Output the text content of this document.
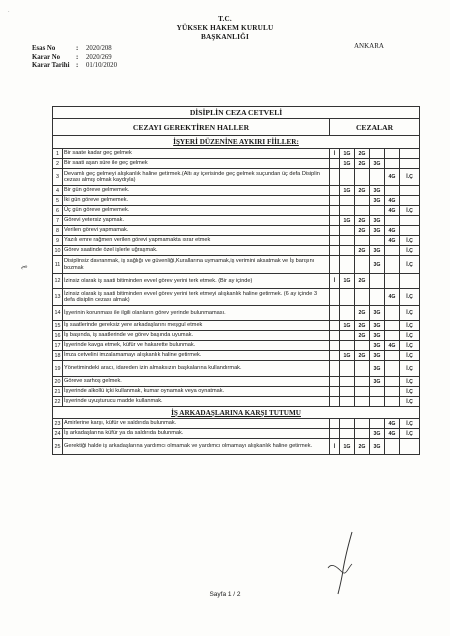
T.C.
YÜKSEK HAKEM KURULU
BAŞKANLIĞI
ANKARA
Esas No	:	2020/208
Karar No	:	2020/269
Karar Tarihi :	01/10/2020
DİSİPLİN CEZA CETVELİ							
CEZAYI GEREKTİREN HALLER		CEZALAR					
İŞYERİ DÜZENİNE AYKIRI FİİLLER:							
1	Bir saate kadar geç gelmek	İ	1G	2G			
2	Bir saati aşan süre ile geç gelmek		1G	2G	3G		
3	Devamlı geç gelmeyi alışkanlık haline getirmek.(Altı ay içerisinde geç gelmek suçundan üç defa Disiplin cezası almış olmak kaydıyla)					4G	İ.Ç
4	Bir gün göreve gelmemek.		1G	2G	3G		
5	İki gün göreve gelmemek.				3G	4G	
6	Üç gün göreve gelmemek.					4G	İ.Ç
7	Görevi yetersiz yapmak.		1G	2G	3G		
8	Verilen görevi yapmamak.			2G	3G	4G	
9	Yazılı emre rağmen verilen görevi yapmamakta ısrar etmek					4G	İ.Ç
10	Görev saatinde özel işlerle uğraşmak.			2G	3G		İ.Ç
11	Disiplinsiz davranmak, iş sağlığı ve güvenliği,Kurallarına uymamak,iş verimini aksatmak ve İş barışını bozmak				3G		İ.Ç
12	İzinsiz olarak iş saati bitiminden evvel görev yerini terk etmek. (Bir ay içinde)	İ	1G	2G			
13	İzinsiz olarak iş saati bitiminden evvel görev yerini terk etmeyi alışkanlık haline getirmek. (6 ay içinde 3 defa disiplin cezası almak)					4G	İ.Ç
14	İşyerinin korunması ile ilgili olanların görev yerinde bulunmaması.			2G	3G		İ.Ç
15	İş saatlerinde gereksiz yere arkadaşlarını meşgul etmek		1G	2G	3G		İ.Ç
16	İş başında, iş saatlerinde ve görev başında uyumak.			2G	3G		İ.Ç
17	İşyerinde kavga etmek, küfür ve hakarette bulunmak.				3G	4G	İ.Ç
18	İmza cetvelini imzalamamayı alışkanlık haline getirmek.		1G	2G	3G		İ.Ç
19	Yönetimindeki aracı, idareden izin almaksızın başkalarına kullandırmak.				3G		İ.Ç
20	Göreve sarhoş gelmek.				3G		İ.Ç
21	İşyerinde alkollü içki kullanmak, kumar oynamak veya oynatmak.						İ.Ç
22	İşyerinde uyuşturucu madde kullanmak.						İ.Ç
İŞ ARKADAŞLARINA KARŞI TUTUMU							
23	Amirlerine karşı, küfür ve saldırıda bulunmak.					4G	İ.Ç
24	İş arkadaşlarına küfür ya da saldırıda bulunmak.				3G	4G	İ.Ç
25	Gerektiği halde iş arkadaşlarına yardımcı olmamak ve yardımcı olmamayı alışkanlık haline getirmek.	İ	1G	2G	3G		
Sayfa 1 / 2
ℓ
·
